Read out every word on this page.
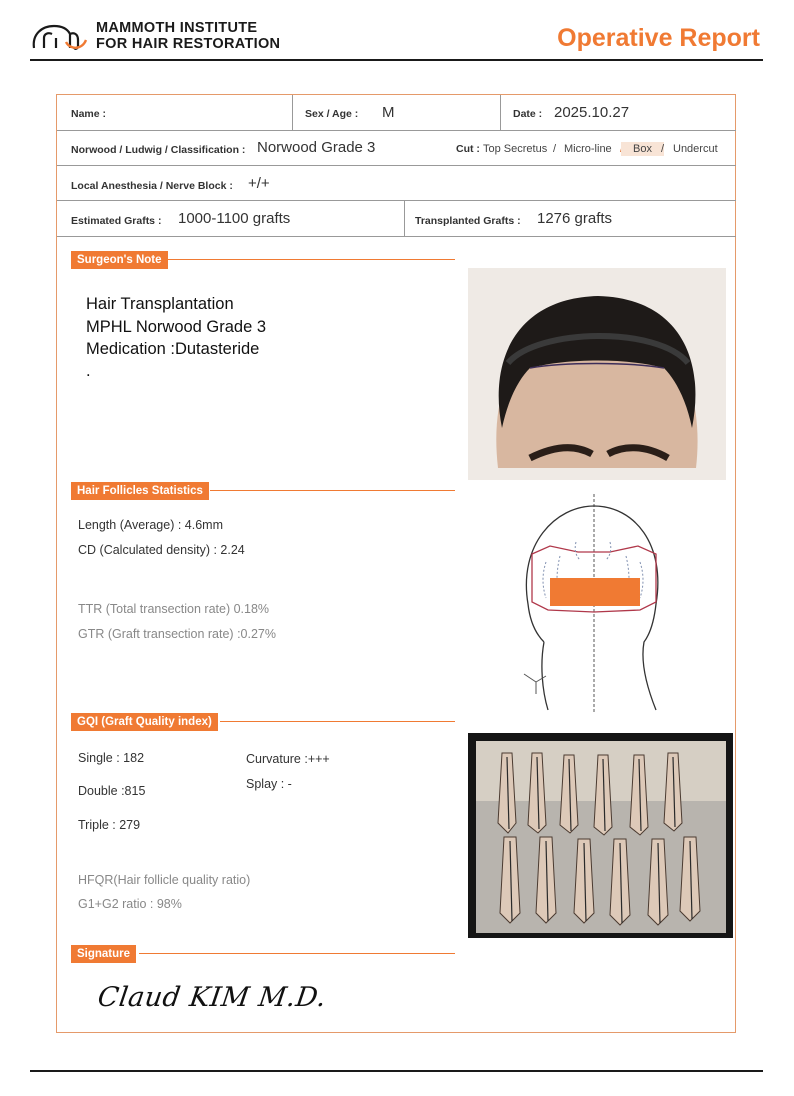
MAMMOTH INSTITUTE
FOR HAIR RESTORATION	Operative Report
Name :	Sex / Age : M	Date : 2025.10.27
Norwood / Ludwig / Classification : Norwood Grade 3	Cut : Top Secretus / Micro-line	Box / Undercut
Local Anesthesia / Nerve Block : +/+
Estimated Grafts : 1000-1100 grafts	Transplanted Grafts : 1276 grafts
Surgeon's Note
Hair Transplantation
MPHL Norwood Grade 3
Medication :Dutasteride
.
Hair Follicles Statistics
Length (Average) : 4.6mm
CD (Calculated density) : 2.24
TTR (Total transection rate) 0.18%
GTR (Graft transection rate) :0.27%
GQI (Graft Quality index)
Single : 182
Double :815
Triple : 279
Curvature :+++
Splay : -
HFQR(Hair follicle quality ratio)
G1+G2 ratio : 98%
Signature
Claud KIM M.D.
